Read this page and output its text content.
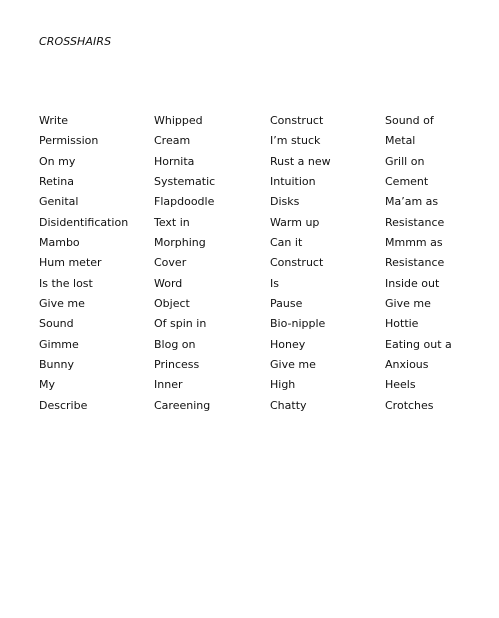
CROSSHAIRS
Write
Permission
On my
Retina
Genital
Disidentification
Mambo
Hum meter
Is the lost
Give me
Sound
Gimme
Bunny
My
Describe
Whipped
Cream
Hornita
Systematic
Flapdoodle
Text in
Morphing
Cover
Word
Object
Of spin in
Blog on
Princess
Inner
Careening
Construct
I’m stuck
Rust a new
Intuition
Disks
Warm up
Can it
Construct
Is
Pause
Bio-nipple
Honey
Give me
High
Chatty
Sound of
Metal
Grill on
Cement
Ma’am as
Resistance
Mmmm as
Resistance
Inside out
Give me
Hottie
Eating out a
Anxious
Heels
Crotches
